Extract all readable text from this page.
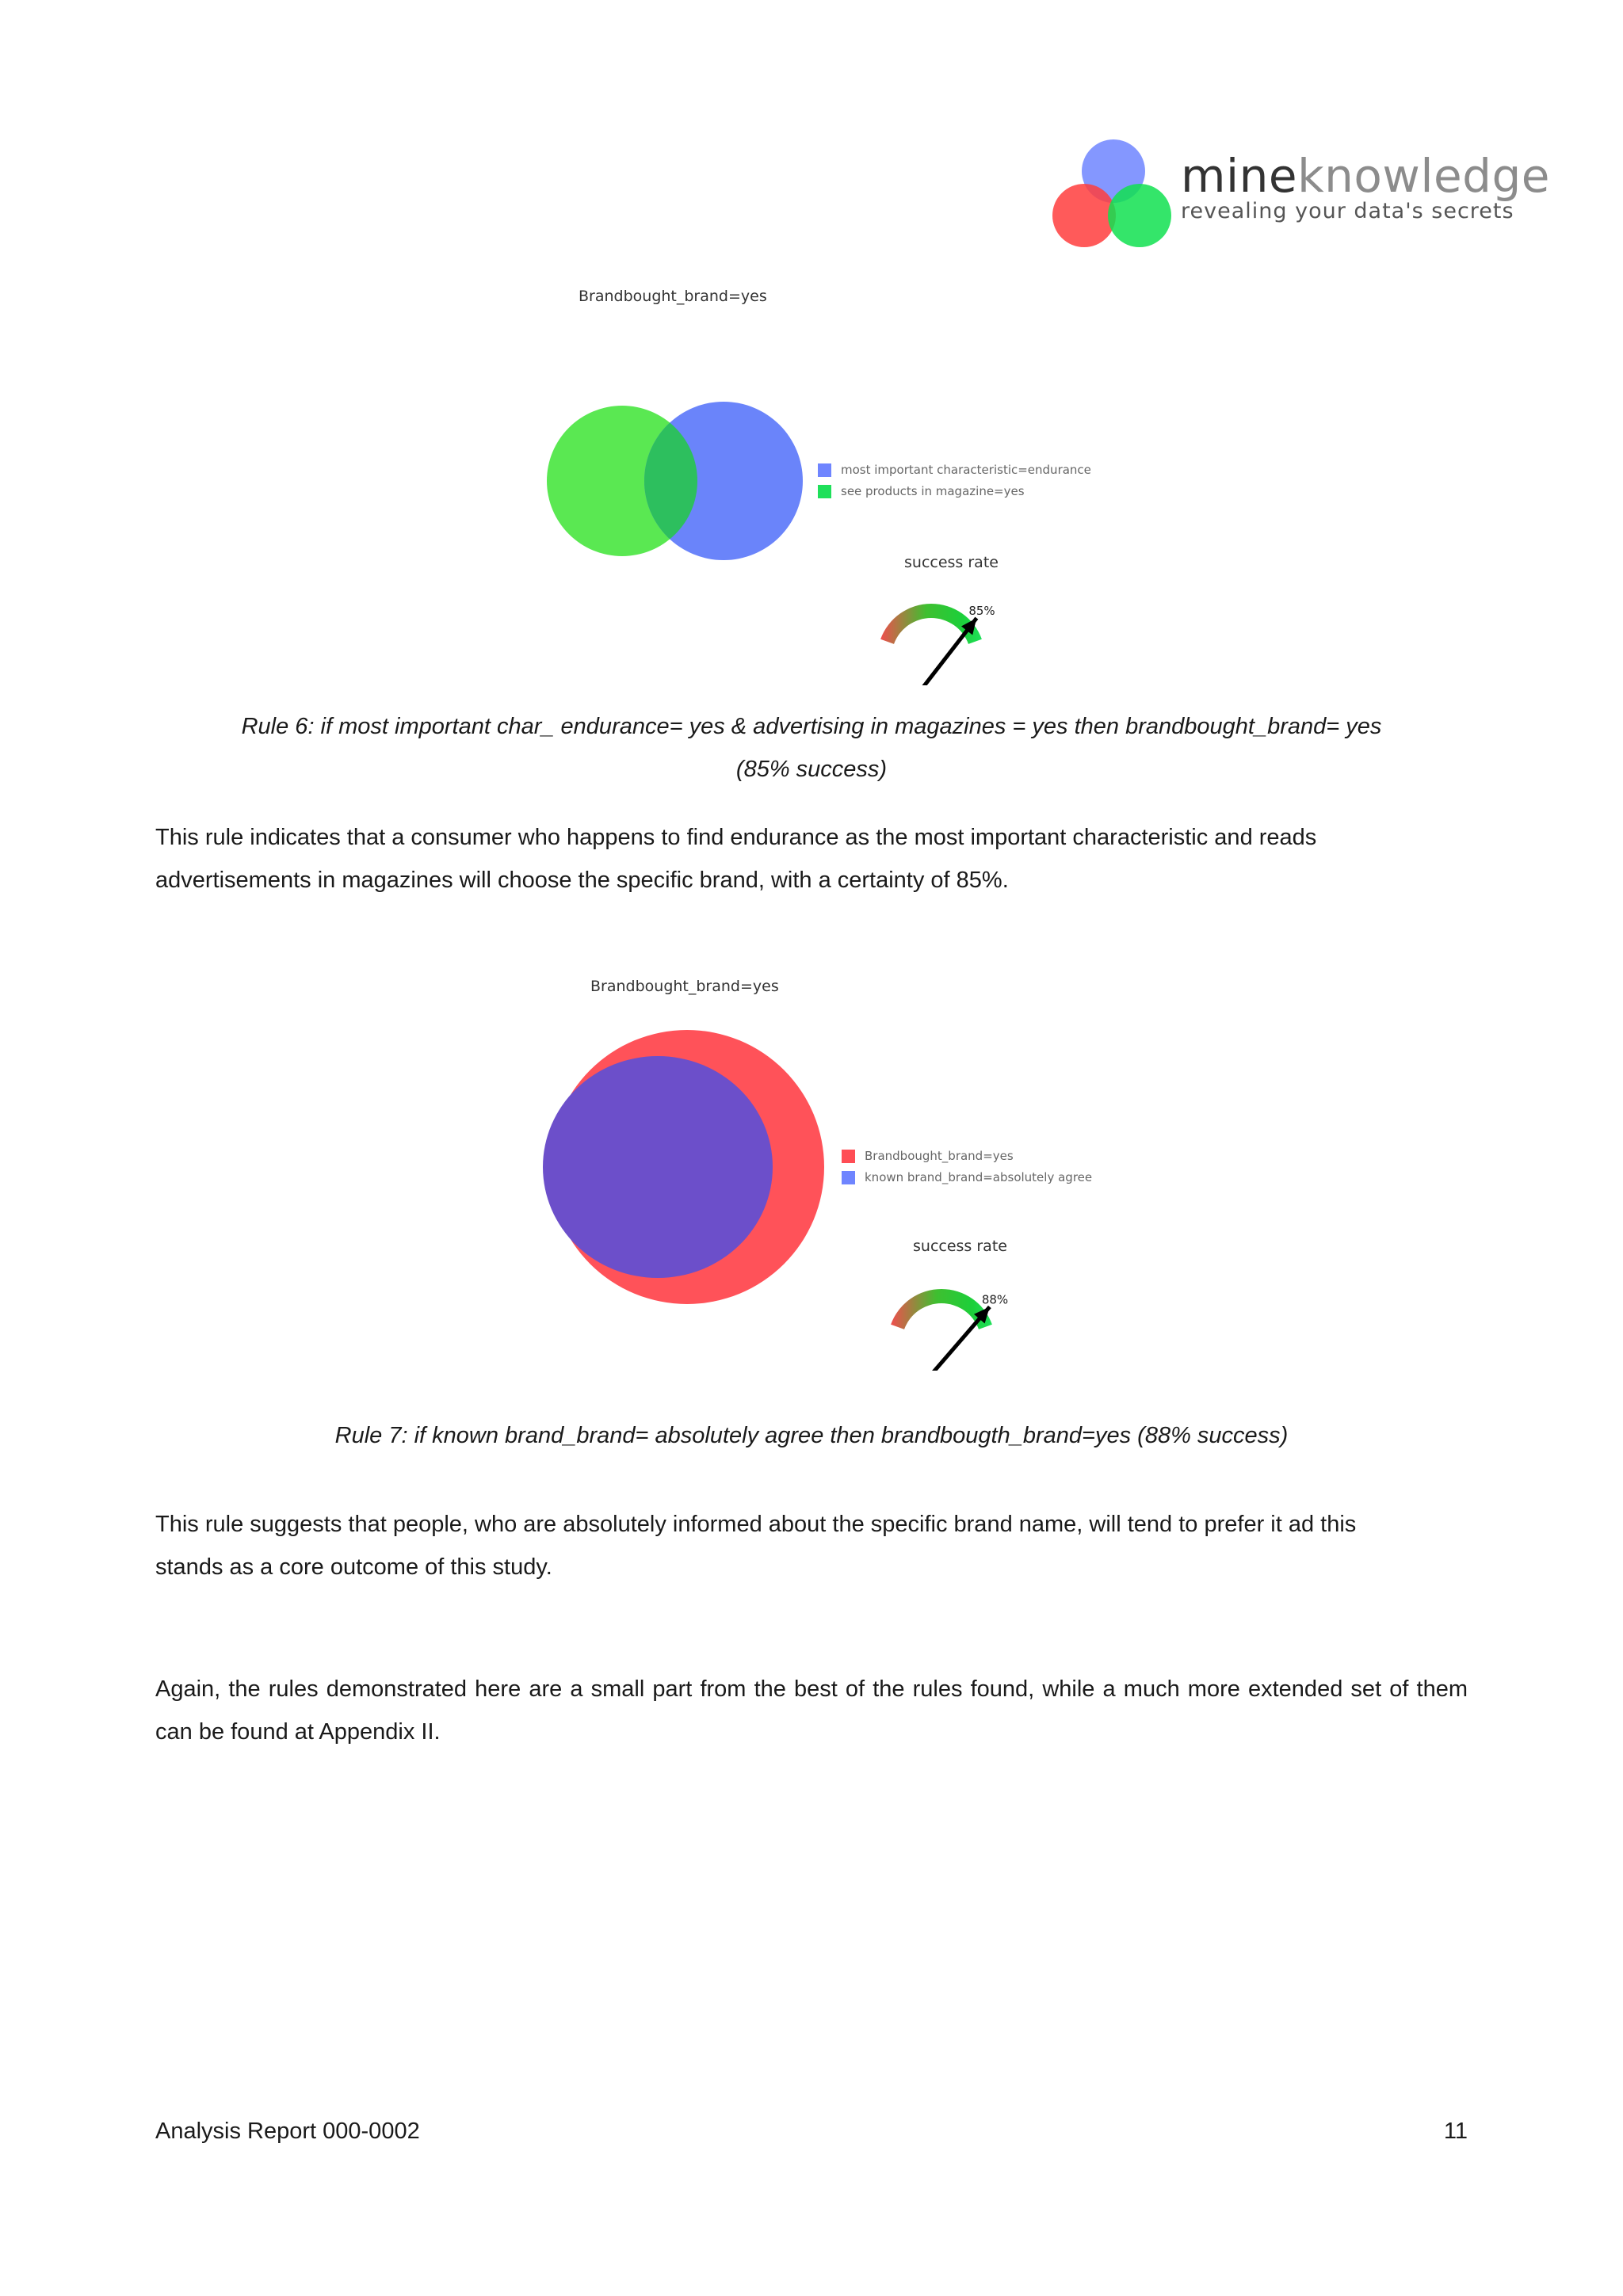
mineknowledge
revealing your data's secrets
Brandbought_brand=yes
most important characteristic=endurance
see products in magazine=yes
success rate
85%
Rule 6: if most important char_ endurance= yes & advertising in magazines = yes then brandbought_brand= yes
(85% success)
This rule indicates that a consumer who happens to find endurance as the most important characteristic and reads advertisements in magazines will choose the specific brand, with a certainty of 85%.
Brandbought_brand=yes
Brandbought_brand=yes
known brand_brand=absolutely agree
success rate
88%
Rule 7: if known brand_brand= absolutely agree then brandbougth_brand=yes (88% success)
This rule suggests that people, who are absolutely informed about the specific brand name, will tend to prefer it ad this stands as a core outcome of this study.
Again, the rules demonstrated here are a small part from the best of the rules found, while a much more extended set of them can be found at Appendix II.
Analysis Report 000-0002	11
